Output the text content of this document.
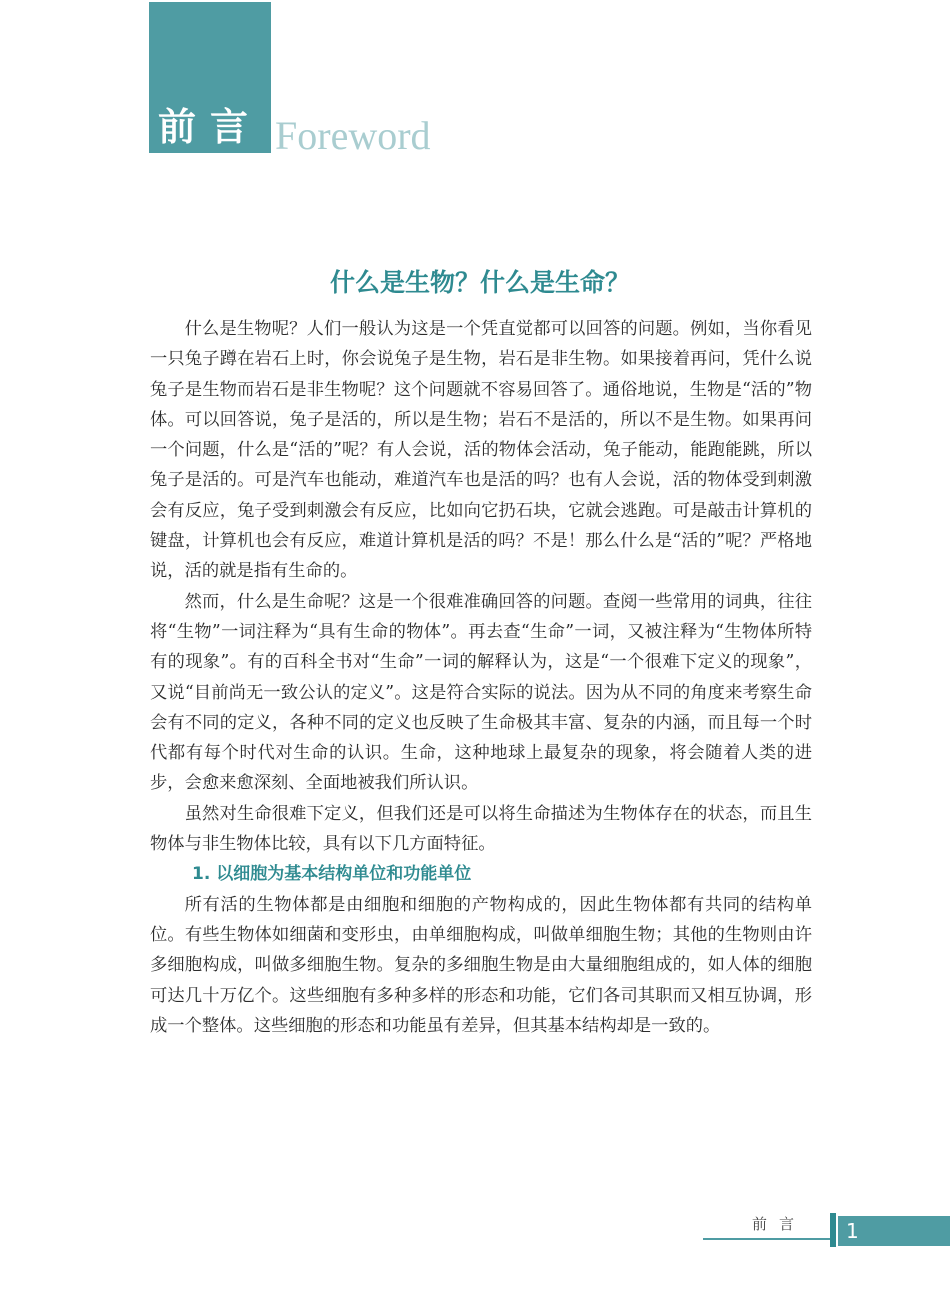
前言 Foreword
什么是生物？什么是生命？

什么是生物呢？人们一般认为这是一个凭直觉都可以回答的问题。例如，当你看见一只兔子蹲在岩石上时，你会说兔子是生物，岩石是非生物。如果接着再问，凭什么说兔子是生物而岩石是非生物呢？这个问题就不容易回答了。通俗地说，生物是“活的”物体。可以回答说，兔子是活的，所以是生物；岩石不是活的，所以不是生物。如果再问一个问题，什么是“活的”呢？有人会说，活的物体会活动，兔子能动，能跑能跳，所以兔子是活的。可是汽车也能动，难道汽车也是活的吗？也有人会说，活的物体受到刺激会有反应，兔子受到刺激会有反应，比如向它扔石块，它就会逃跑。可是敲击计算机的键盘，计算机也会有反应，难道计算机是活的吗？不是！那么什么是“活的”呢？严格地说，活的就是指有生命的。

然而，什么是生命呢？这是一个很难准确回答的问题。查阅一些常用的词典，往往将“生物”一词注释为“具有生命的物体”。再去查“生命”一词，又被注释为“生物体所特有的现象”。有的百科全书对“生命”一词的解释认为，这是“一个很难下定义的现象”，又说“目前尚无一致公认的定义”。这是符合实际的说法。因为从不同的角度来考察生命会有不同的定义，各种不同的定义也反映了生命极其丰富、复杂的内涵，而且每一个时代都有每个时代对生命的认识。生命，这种地球上最复杂的现象，将会随着人类的进步，会愈来愈深刻、全面地被我们所认识。

虽然对生命很难下定义，但我们还是可以将生命描述为生物体存在的状态，而且生物体与非生物体比较，具有以下几方面特征。

1. 以细胞为基本结构单位和功能单位

所有活的生物体都是由细胞和细胞的产物构成的，因此生物体都有共同的结构单位。有些生物体如细菌和变形虫，由单细胞构成，叫做单细胞生物；其他的生物则由许多细胞构成，叫做多细胞生物。复杂的多细胞生物是由大量细胞组成的，如人体的细胞可达几十万亿个。这些细胞有多种多样的形态和功能，它们各司其职而又相互协调，形成一个整体。这些细胞的形态和功能虽有差异，但其基本结构却是一致的。

前言 1
